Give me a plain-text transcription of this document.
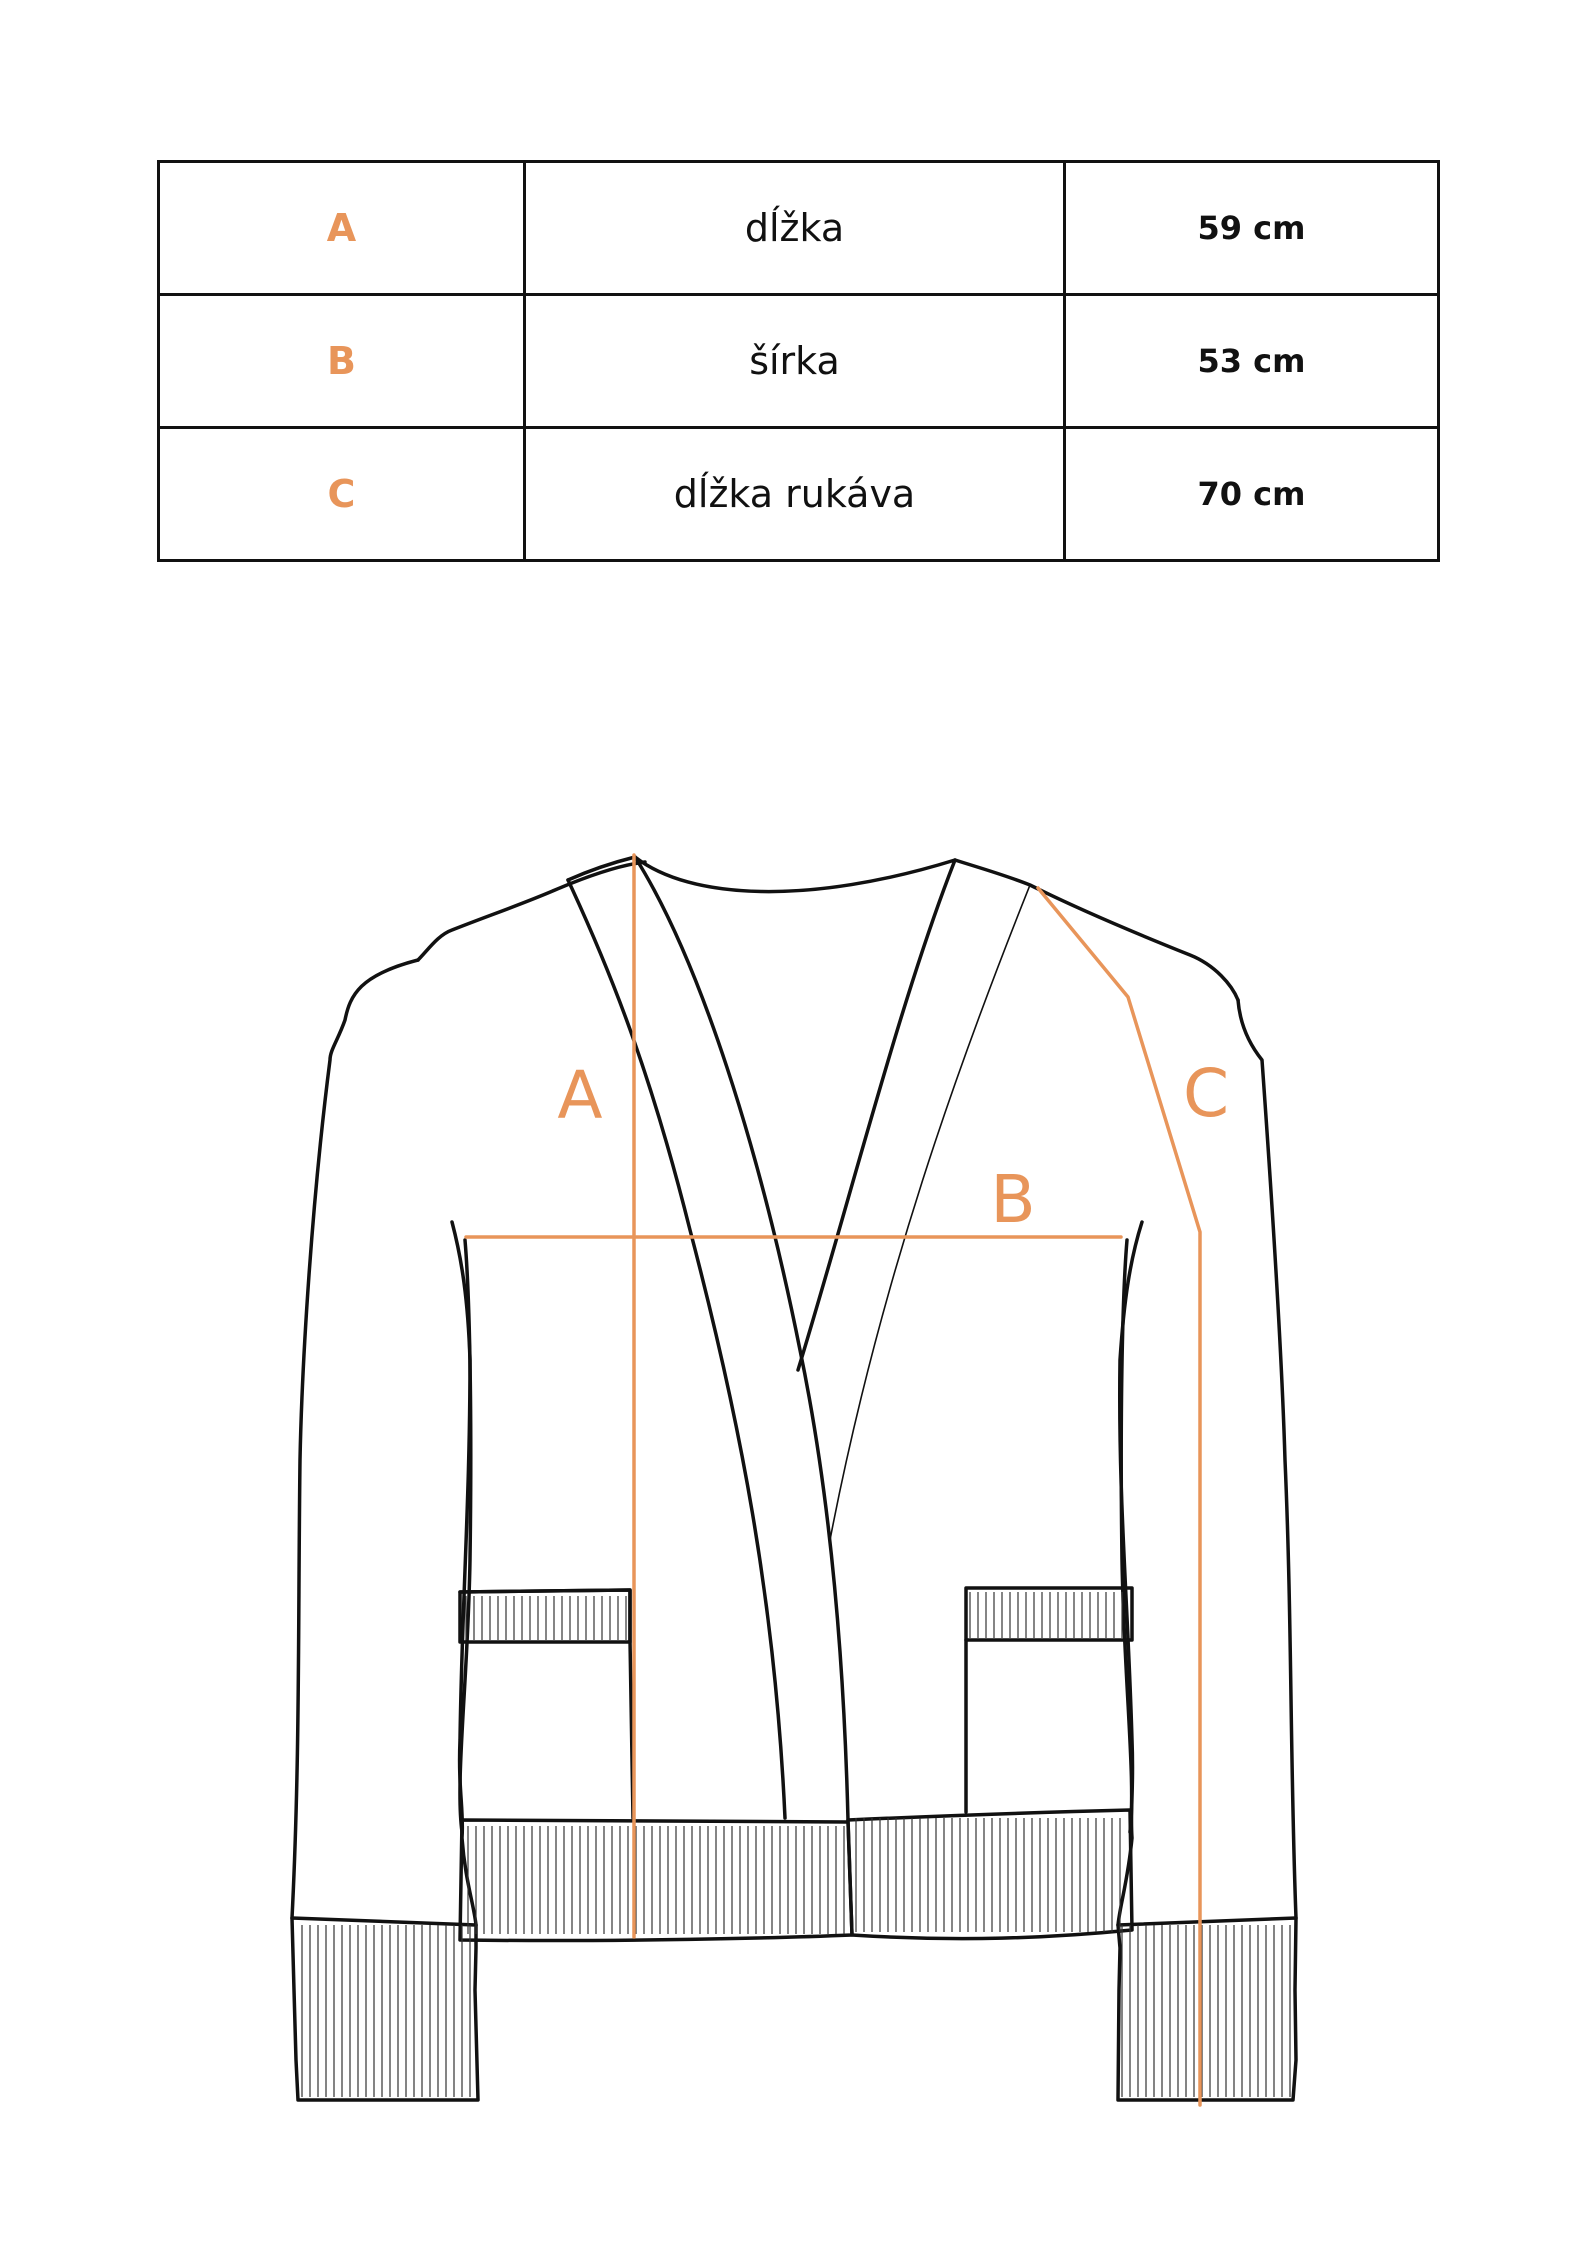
A	dĺžka	59 cm
B	šírka	53 cm
C	dĺžka rukáva	70 cm
A
B
C
